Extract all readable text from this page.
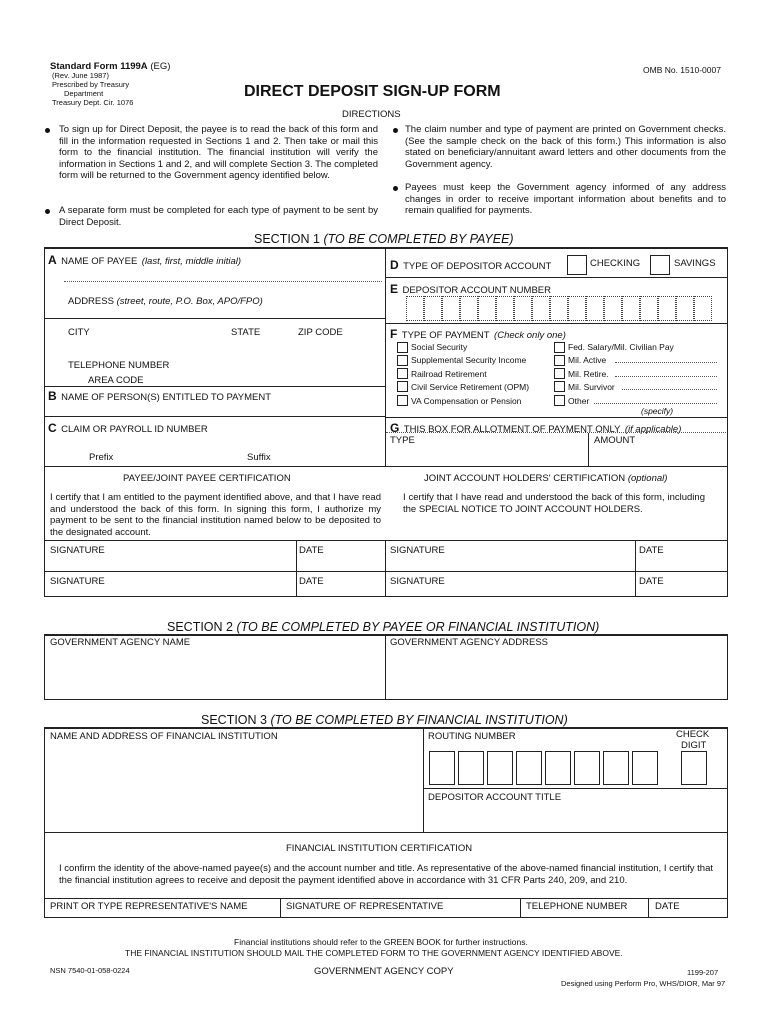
Standard Form 1199A (EG)
(Rev. June 1987)
Prescribed by Treasury
Department
Treasury Dept. Cir. 1076
OMB No. 1510-0007
DIRECT DEPOSIT SIGN-UP FORM
DIRECTIONS
To sign up for Direct Deposit, the payee is to read the back of this form and fill in the information requested in Sections 1 and 2. Then take or mail this form to the financial institution. The financial institution will verify the information in Sections 1 and 2, and will complete Section 3. The completed form will be returned to the Government agency identified below.
A separate form must be completed for each type of payment to be sent by Direct Deposit.
The claim number and type of payment are printed on Government checks. (See the sample check on the back of this form.) This information is also stated on beneficiary/annuitant award letters and other documents from the Government agency.
Payees must keep the Government agency informed of any address changes in order to receive important information about benefits and to remain qualified for payments.
SECTION 1 (TO BE COMPLETED BY PAYEE)
A NAME OF PAYEE (last, first, middle initial)
ADDRESS (street, route, P.O. Box, APO/FPO)
CITY	STATE	ZIP CODE
TELEPHONE NUMBER
AREA CODE
B NAME OF PERSON(S) ENTITLED TO PAYMENT
C CLAIM OR PAYROLL ID NUMBER
Prefix	Suffix
D TYPE OF DEPOSITOR ACCOUNT	CHECKING	SAVINGS
E DEPOSITOR ACCOUNT NUMBER
F TYPE OF PAYMENT (Check only one)
Social Security
Supplemental Security Income
Railroad Retirement
Civil Service Retirement (OPM)
VA Compensation or Pension
Fed. Salary/Mil. Civilian Pay
Mil. Active
Mil. Retire.
Mil. Survivor
Other
(specify)
G THIS BOX FOR ALLOTMENT OF PAYMENT ONLY (if applicable)
TYPE	AMOUNT
PAYEE/JOINT PAYEE CERTIFICATION
I certify that I am entitled to the payment identified above, and that I have read and understood the back of this form. In signing this form, I authorize my payment to be sent to the financial institution named below to be deposited to the designated account.
JOINT ACCOUNT HOLDERS' CERTIFICATION (optional)
I certify that I have read and understood the back of this form, including the SPECIAL NOTICE TO JOINT ACCOUNT HOLDERS.
SIGNATURE	DATE	SIGNATURE	DATE
SIGNATURE	DATE	SIGNATURE	DATE
SECTION 2 (TO BE COMPLETED BY PAYEE OR FINANCIAL INSTITUTION)
GOVERNMENT AGENCY NAME	GOVERNMENT AGENCY ADDRESS
SECTION 3 (TO BE COMPLETED BY FINANCIAL INSTITUTION)
NAME AND ADDRESS OF FINANCIAL INSTITUTION	ROUTING NUMBER	CHECK
DIGIT
DEPOSITOR ACCOUNT TITLE
FINANCIAL INSTITUTION CERTIFICATION
I confirm the identity of the above-named payee(s) and the account number and title. As representative of the above-named financial institution, I certify that the financial institution agrees to receive and deposit the payment identified above in accordance with 31 CFR Parts 240, 209, and 210.
PRINT OR TYPE REPRESENTATIVE'S NAME	SIGNATURE OF REPRESENTATIVE	TELEPHONE NUMBER	DATE
Financial institutions should refer to the GREEN BOOK for further instructions.
THE FINANCIAL INSTITUTION SHOULD MAIL THE COMPLETED FORM TO THE GOVERNMENT AGENCY IDENTIFIED ABOVE.
NSN 7540-01-058-0224	GOVERNMENT AGENCY COPY	1199-207
Designed using Perform Pro, WHS/DIOR, Mar 97
